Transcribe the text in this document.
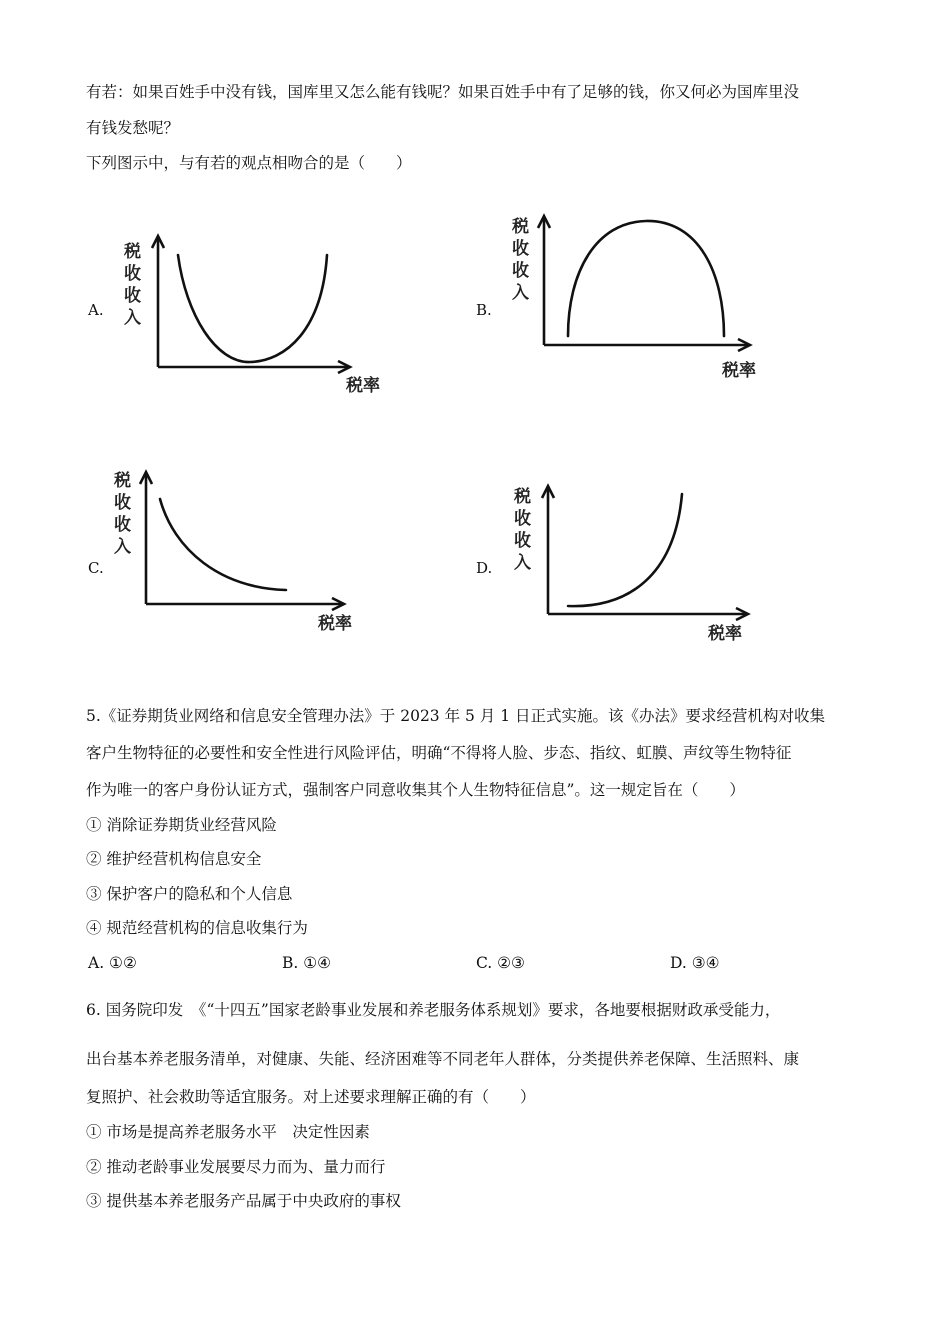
有若：如果百姓手中没有钱，国库里又怎么能有钱呢？如果百姓手中有了足够的钱，你又何必为国库里没
有钱发愁呢？
下列图示中，与有若的观点相吻合的是（　　）
A.
税
收
收
入
税率
B.
税
收
收
入
税率
C.
税
收
收
入
税率
D.
税
收
收
入
税率
5.《证券期货业网络和信息安全管理办法》于 2023 年 5 月 1 日正式实施。该《办法》要求经营机构对收集
客户生物特征的必要性和安全性进行风险评估，明确“不得将人脸、步态、指纹、虹膜、声纹等生物特征
作为唯一的客户身份认证方式，强制客户同意收集其个人生物特征信息”。这一规定旨在（　　）
① 消除证券期货业经营风险
② 维护经营机构信息安全
③ 保护客户的隐私和个人信息
④ 规范经营机构的信息收集行为
A. ①②	B. ①④	C. ②③	D. ③④
6. 国务院印发　《“十四五”国家老龄事业发展和养老服务体系规划》要求，各地要根据财政承受能力，
出台基本养老服务清单，对健康、失能、经济困难等不同老年人群体，分类提供养老保障、生活照料、康
复照护、社会救助等适宜服务。对上述要求理解正确的有（　　）
① 市场是提高养老服务水平　决定性因素
② 推动老龄事业发展要尽力而为、量力而行
③ 提供基本养老服务产品属于中央政府的事权
